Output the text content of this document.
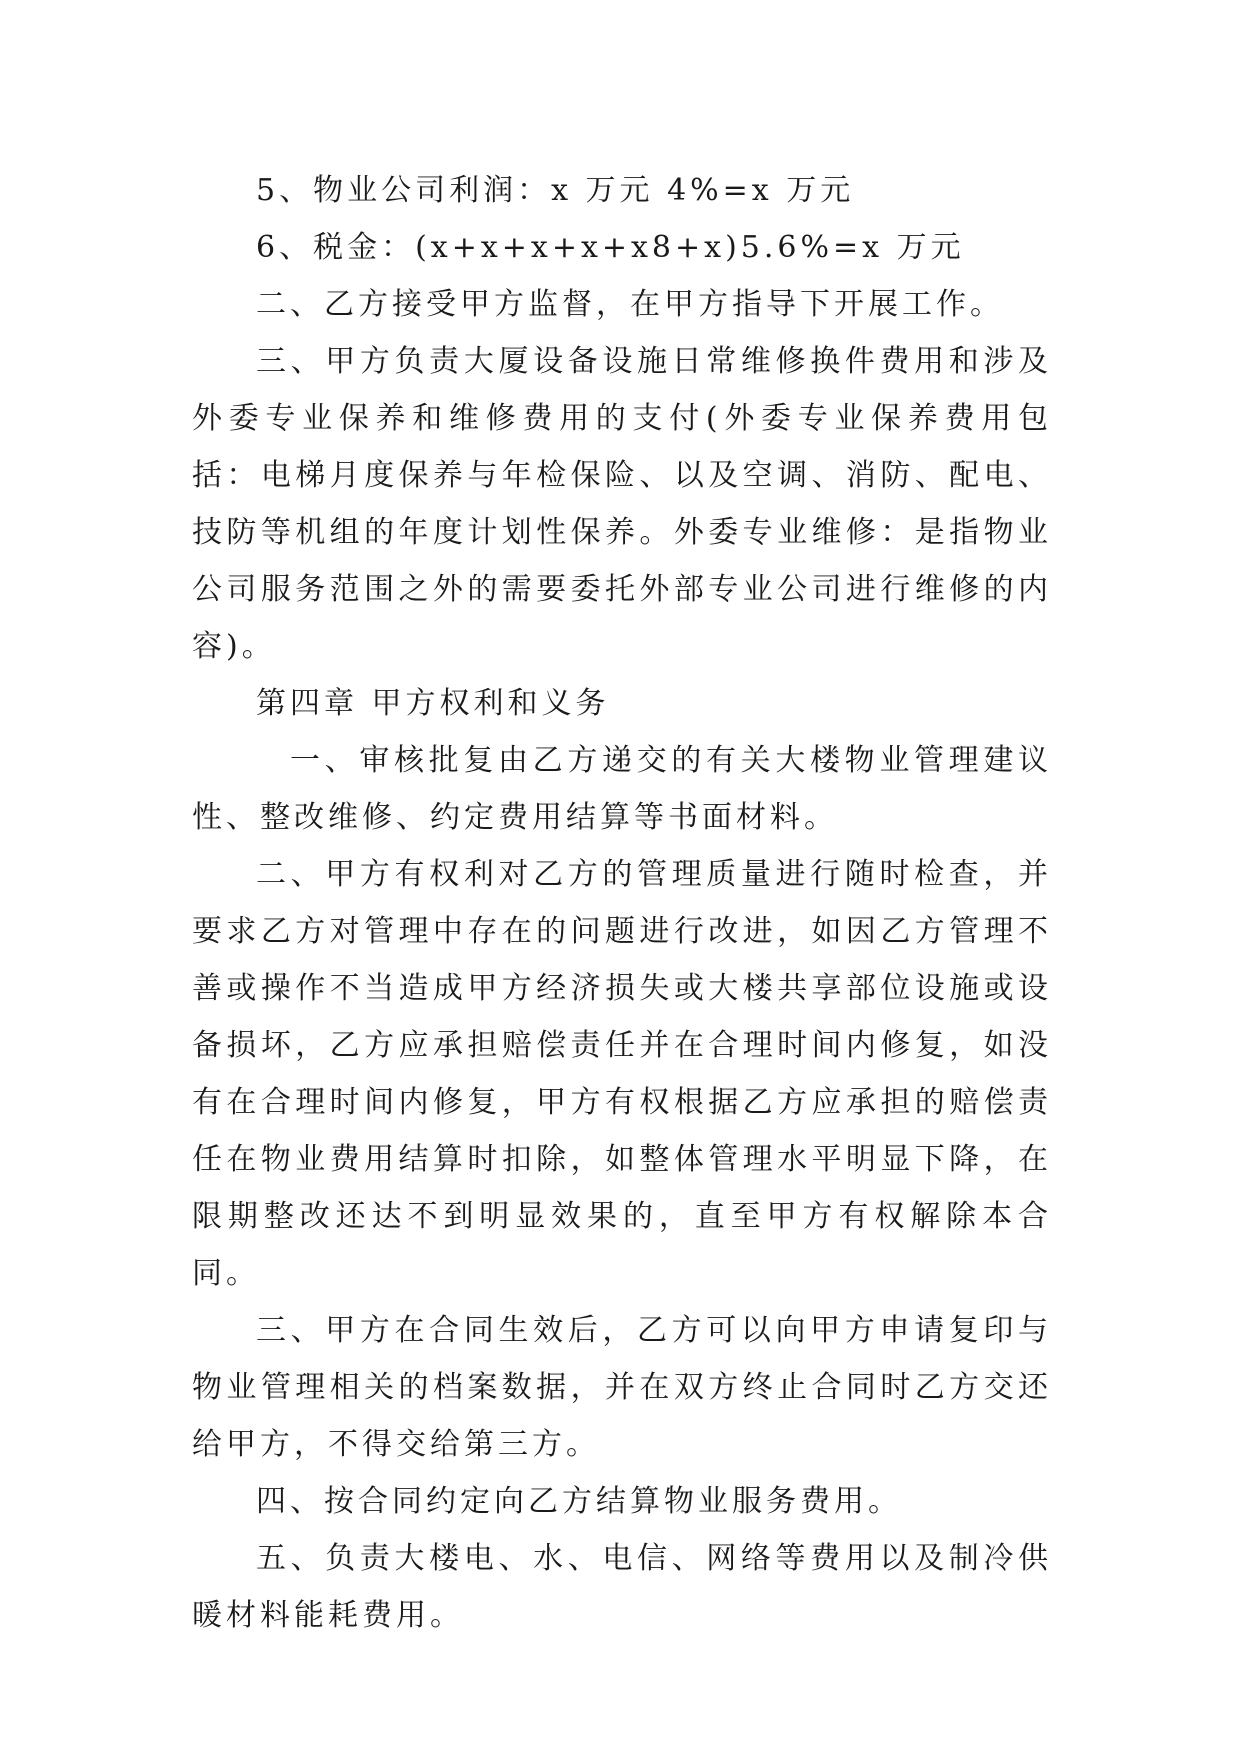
5、物业公司利润：x 万元 4%=x 万元

6、税金：(x+x+x+x+x8+x)5.6%=x 万元

二、乙方接受甲方监督，在甲方指导下开展工作。

三、甲方负责大厦设备设施日常维修换件费用和涉及外委专业保养和维修费用的支付(外委专业保养费用包括：电梯月度保养与年检保险、以及空调、消防、配电、技防等机组的年度计划性保养。外委专业维修：是指物业公司服务范围之外的需要委托外部专业公司进行维修的内容)。

第四章 甲方权利和义务

一、审核批复由乙方递交的有关大楼物业管理建议性、整改维修、约定费用结算等书面材料。

二、甲方有权利对乙方的管理质量进行随时检查，并要求乙方对管理中存在的问题进行改进，如因乙方管理不善或操作不当造成甲方经济损失或大楼共享部位设施或设备损坏，乙方应承担赔偿责任并在合理时间内修复，如没有在合理时间内修复，甲方有权根据乙方应承担的赔偿责任在物业费用结算时扣除，如整体管理水平明显下降，在限期整改还达不到明显效果的，直至甲方有权解除本合同。

三、甲方在合同生效后，乙方可以向甲方申请复印与物业管理相关的档案数据，并在双方终止合同时乙方交还给甲方，不得交给第三方。

四、按合同约定向乙方结算物业服务费用。

五、负责大楼电、水、电信、网络等费用以及制冷供暖材料能耗费用。
